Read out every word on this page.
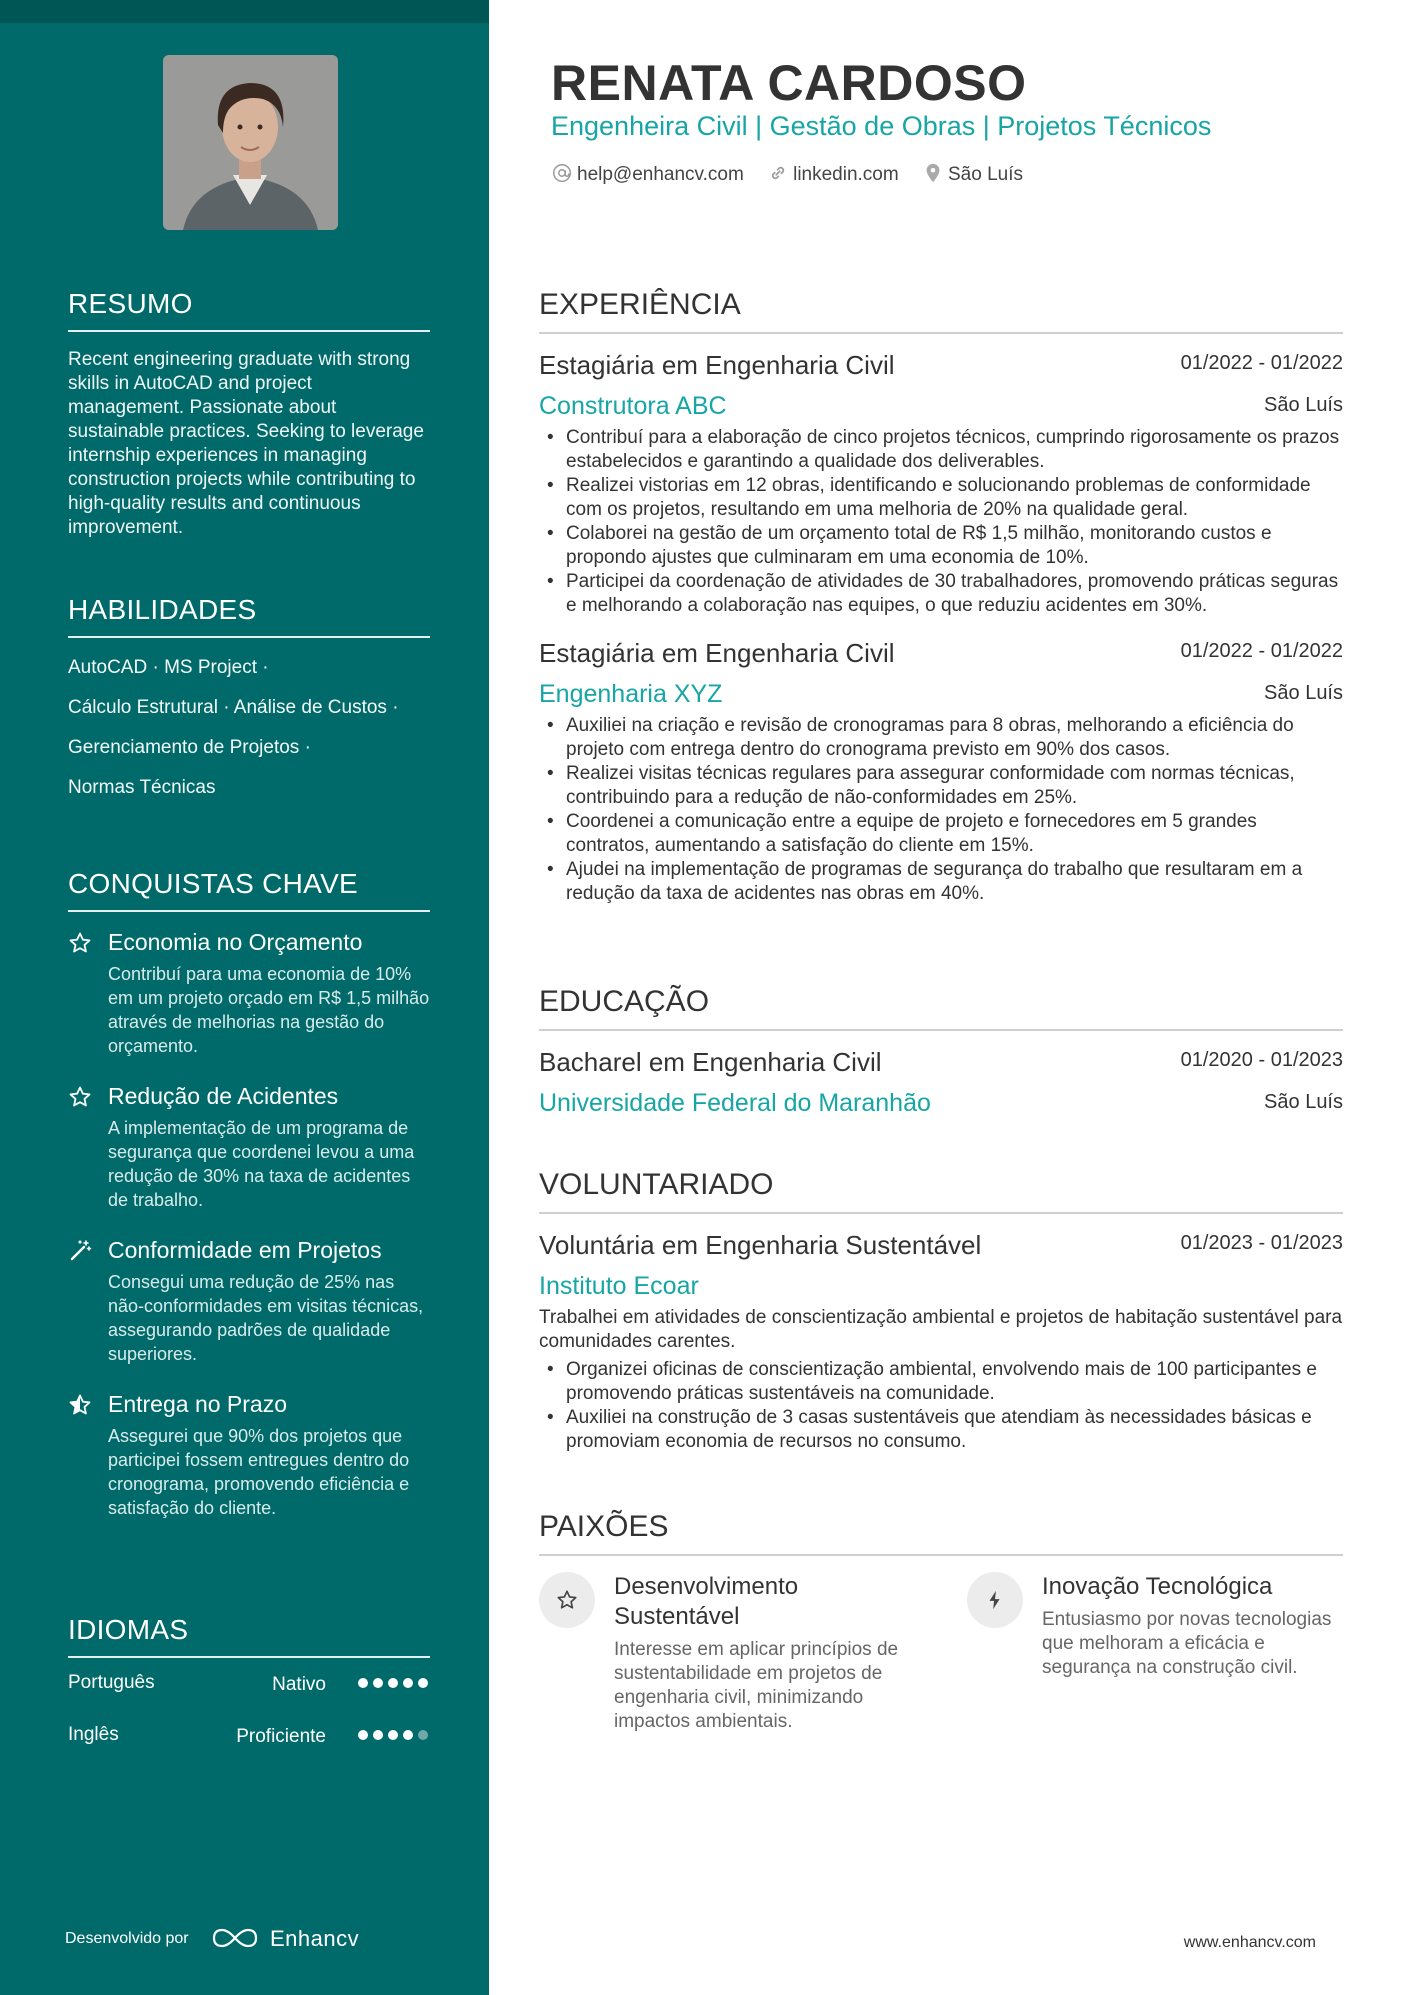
RESUMO
Recent engineering graduate with strong skills in AutoCAD and project management. Passionate about sustainable practices. Seeking to leverage internship experiences in managing construction projects while contributing to high-quality results and continuous improvement.
HABILIDADES
AutoCAD · MS Project ·
Cálculo Estrutural · Análise de Custos ·
Gerenciamento de Projetos ·
Normas Técnicas
CONQUISTAS CHAVE
Economia no Orçamento
Contribuí para uma economia de 10% em um projeto orçado em R$ 1,5 milhão através de melhorias na gestão do orçamento.
Redução de Acidentes
A implementação de um programa de segurança que coordenei levou a uma redução de 30% na taxa de acidentes de trabalho.
Conformidade em Projetos
Consegui uma redução de 25% nas não-conformidades em visitas técnicas, assegurando padrões de qualidade superiores.
Entrega no Prazo
Assegurei que 90% dos projetos que participei fossem entregues dentro do cronograma, promovendo eficiência e satisfação do cliente.
IDIOMAS
Português	Nativo
Inglês	Proficiente
Desenvolvido por	Enhancv
RENATA CARDOSO
Engenheira Civil | Gestão de Obras | Projetos Técnicos
help@enhancv.com	linkedin.com	São Luís
EXPERIÊNCIA
Estagiária em Engenharia Civil	01/2022 - 01/2022
Construtora ABC	São Luís
• Contribuí para a elaboração de cinco projetos técnicos, cumprindo rigorosamente os prazos estabelecidos e garantindo a qualidade dos deliverables.
• Realizei vistorias em 12 obras, identificando e solucionando problemas de conformidade com os projetos, resultando em uma melhoria de 20% na qualidade geral.
• Colaborei na gestão de um orçamento total de R$ 1,5 milhão, monitorando custos e propondo ajustes que culminaram em uma economia de 10%.
• Participei da coordenação de atividades de 30 trabalhadores, promovendo práticas seguras e melhorando a colaboração nas equipes, o que reduziu acidentes em 30%.
Estagiária em Engenharia Civil	01/2022 - 01/2022
Engenharia XYZ	São Luís
• Auxiliei na criação e revisão de cronogramas para 8 obras, melhorando a eficiência do projeto com entrega dentro do cronograma previsto em 90% dos casos.
• Realizei visitas técnicas regulares para assegurar conformidade com normas técnicas, contribuindo para a redução de não-conformidades em 25%.
• Coordenei a comunicação entre a equipe de projeto e fornecedores em 5 grandes contratos, aumentando a satisfação do cliente em 15%.
• Ajudei na implementação de programas de segurança do trabalho que resultaram em a redução da taxa de acidentes nas obras em 40%.
EDUCAÇÃO
Bacharel em Engenharia Civil	01/2020 - 01/2023
Universidade Federal do Maranhão	São Luís
VOLUNTARIADO
Voluntária em Engenharia Sustentável	01/2023 - 01/2023
Instituto Ecoar
Trabalhei em atividades de conscientização ambiental e projetos de habitação sustentável para comunidades carentes.
• Organizei oficinas de conscientização ambiental, envolvendo mais de 100 participantes e promovendo práticas sustentáveis na comunidade.
• Auxiliei na construção de 3 casas sustentáveis que atendiam às necessidades básicas e promoviam economia de recursos no consumo.
PAIXÕES
Desenvolvimento Sustentável
Interesse em aplicar princípios de sustentabilidade em projetos de engenharia civil, minimizando impactos ambientais.
Inovação Tecnológica
Entusiasmo por novas tecnologias que melhoram a eficácia e segurança na construção civil.
www.enhancv.com
